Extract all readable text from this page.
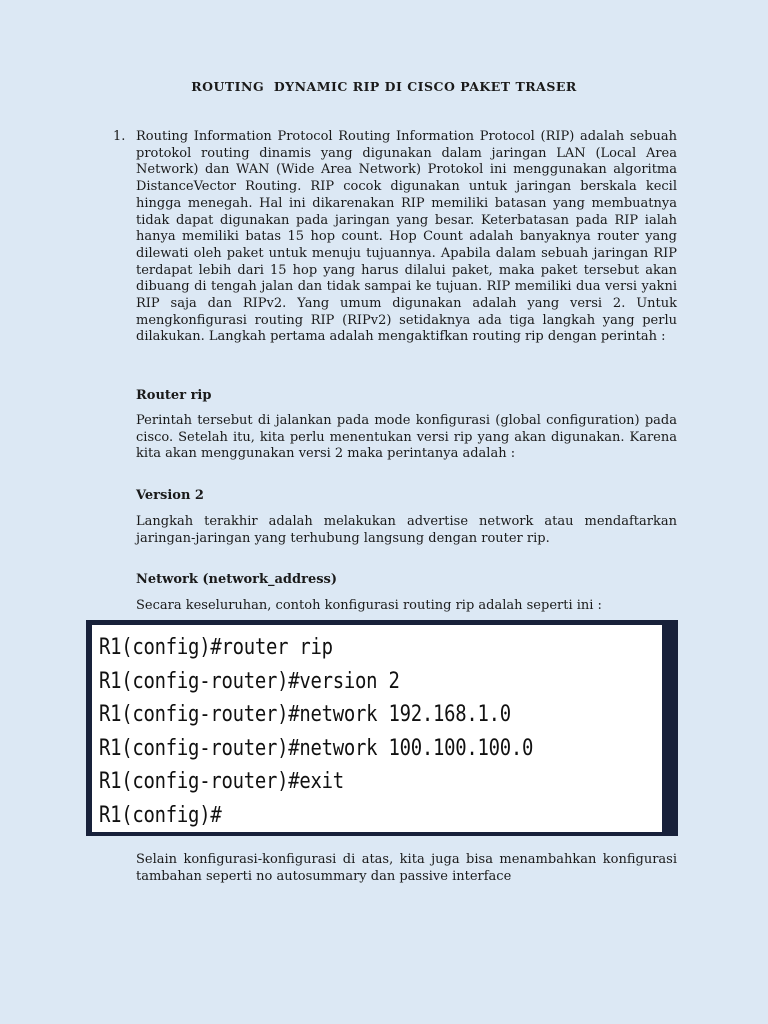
ROUTING  DYNAMIC RIP DI CISCO PAKET TRASER
1. Routing Information Protocol Routing Information Protocol (RIP) adalah sebuah protokol routing dinamis yang digunakan dalam jaringan LAN (Local Area Network) dan WAN (Wide Area Network) Protokol ini menggunakan algoritma DistanceVector Routing. RIP cocok digunakan untuk jaringan berskala kecil hingga menegah. Hal ini dikarenakan RIP memiliki batasan yang membuatnya tidak dapat digunakan pada jaringan yang besar. Keterbatasan pada RIP ialah hanya memiliki batas 15 hop count. Hop Count adalah banyaknya router yang dilewati oleh paket untuk menuju tujuannya. Apabila dalam sebuah jaringan RIP terdapat lebih dari 15 hop yang harus dilalui paket, maka paket tersebut akan dibuang di tengah jalan dan tidak sampai ke tujuan. RIP memiliki dua versi yakni RIP saja dan RIPv2. Yang umum digunakan adalah yang versi 2. Untuk mengkonfigurasi routing RIP (RIPv2) setidaknya ada tiga langkah yang perlu dilakukan. Langkah pertama adalah mengaktifkan routing rip dengan perintah :

Router rip

Perintah tersebut di jalankan pada mode konfigurasi (global configuration) pada cisco. Setelah itu, kita perlu menentukan versi rip yang akan digunakan. Karena kita akan menggunakan versi 2 maka perintanya adalah :

Version 2

Langkah terakhir adalah melakukan advertise network atau mendaftarkan jaringan-jaringan yang terhubung langsung dengan router rip.

Network (network_address)

Secara keseluruhan, contoh konfigurasi routing rip adalah seperti ini :

R1(config)#router rip
R1(config-router)#version 2
R1(config-router)#network 192.168.1.0
R1(config-router)#network 100.100.100.0
R1(config-router)#exit
R1(config)#

Selain konfigurasi-konfigurasi di atas, kita juga bisa menambahkan konfigurasi tambahan seperti no autosummary dan passive interface
